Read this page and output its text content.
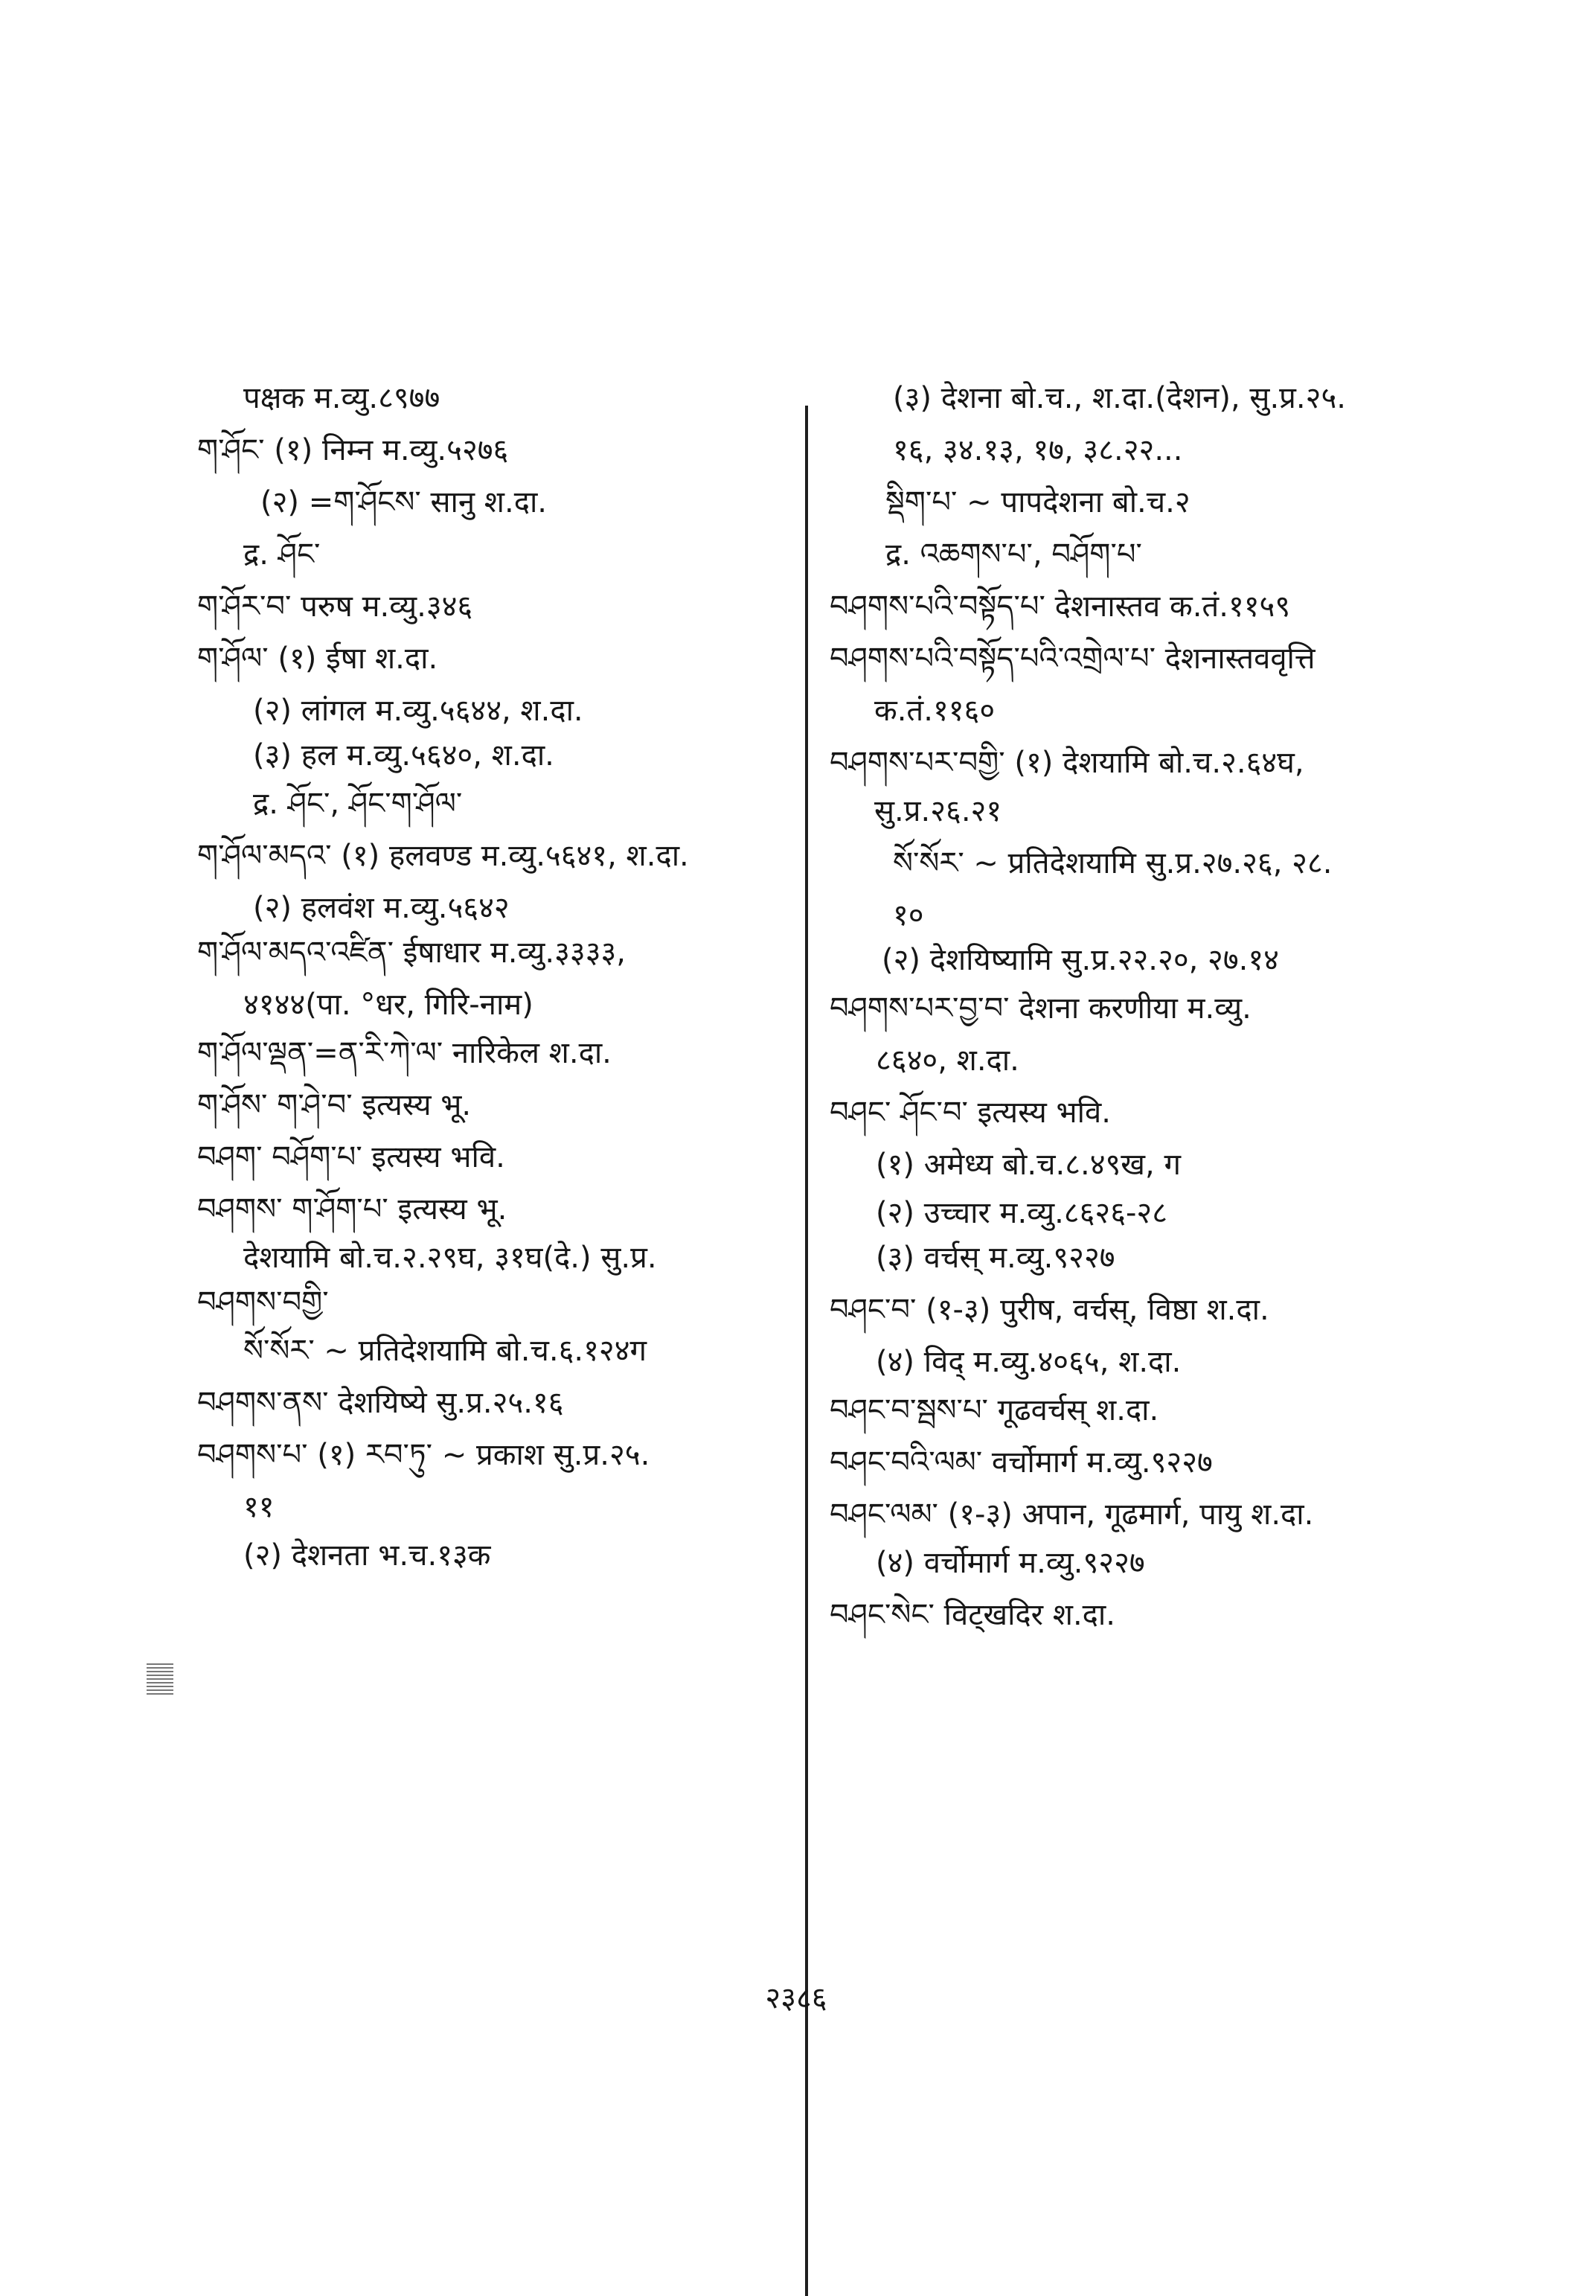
पक्षक म.व्यु.८९७७
ག་ཤོང་ (१) निम्न म.व्यु.५२७६
(२) =ག་ཤོངས་ सानु श.दा.
द्र. ཤོང་
ག་ཤོར་བ་ परुष म.व्यु.३४६
ག་ཤོལ་ (१) ईषा श.दा.
(२) लांगल म.व्यु.५६४४, श.दा.
(३) हल म.व्यु.५६४०, श.दा.
द्र. ཤོང་, ཤོང་ག་ཤོལ་
ག་ཤོལ་མདའ་ (१) हलवण्ड म.व्यु.५६४१, श.दा.
(२) हलवंश म.व्यु.५६४२
ག་ཤོལ་མདའ་འཛིན་ ईषाधार म.व्यु.३३३३,
४१४४(पा. °धर, गिरि-नाम)
ག་ཤོལ་ལྡན་=ན་རི་ཀེ་ལ་ नारिकेल श.दा.
ག་ཤོས་ ག་ཤེ་བ་ इत्यस्य भू.
བཤག་ བཤོག་པ་ इत्यस्य भवि.
བཤགས་ ག་ཤོག་པ་ इत्यस्य भू.
देशयामि बो.च.२.२९घ, ३१घ(दे.) सु.प्र.
བཤགས་བགྱི་
སོ་སོར་ ~ प्रतिदेशयामि बो.च.६.१२४ग
བཤགས་ནས་ देशयिष्ये सु.प्र.२५.१६
བཤགས་པ་ (१) རབ་ཏུ་ ~ प्रकाश सु.प्र.२५.
११
(२) देशनता भ.च.१३क
(३) देशना बो.च., श.दा.(देशन), सु.प्र.२५.
१६, ३४.१३, १७, ३८.२२...
སྡིག་པ་ ~ पापदेशना बो.च.२
द्र. འཆགས་པ་, བཤོག་པ་
བཤགས་པའི་བསྟོད་པ་ देशनास्तव क.तं.११५९
བཤགས་པའི་བསྟོད་པའི་འགྲེལ་པ་ देशनास्तववृत्ति
क.तं.११६०
བཤགས་པར་བགྱི་ (१) देशयामि बो.च.२.६४घ,
सु.प्र.२६.२१
སོ་སོར་ ~ प्रतिदेशयामि सु.प्र.२७.२६, २८.
१०
(२) देशयिष्यामि सु.प्र.२२.२०, २७.१४
བཤགས་པར་བྱ་བ་ देशना करणीया म.व्यु.
८६४०, श.दा.
བཤང་ ཤོང་བ་ इत्यस्य भवि.
(१) अमेध्य बो.च.८.४९ख, ग
(२) उच्चार म.व्यु.८६२६-२८
(३) वर्चस् म.व्यु.९२२७
བཤང་བ་ (१-३) पुरीष, वर्चस्, विष्ठा श.दा.
(४) विद् म.व्यु.४०६५, श.दा.
བཤང་བ་སྦས་པ་ गूढवर्चस् श.दा.
བཤང་བའི་ལམ་ वर्चोमार्ग म.व्यु.९२२७
བཤང་ལམ་ (१-३) अपान, गूढमार्ग, पायु श.दा.
(४) वर्चोमार्ग म.व्यु.९२२७
བཤང་སེང་ विट्खदिर श.दा.
२३८६
